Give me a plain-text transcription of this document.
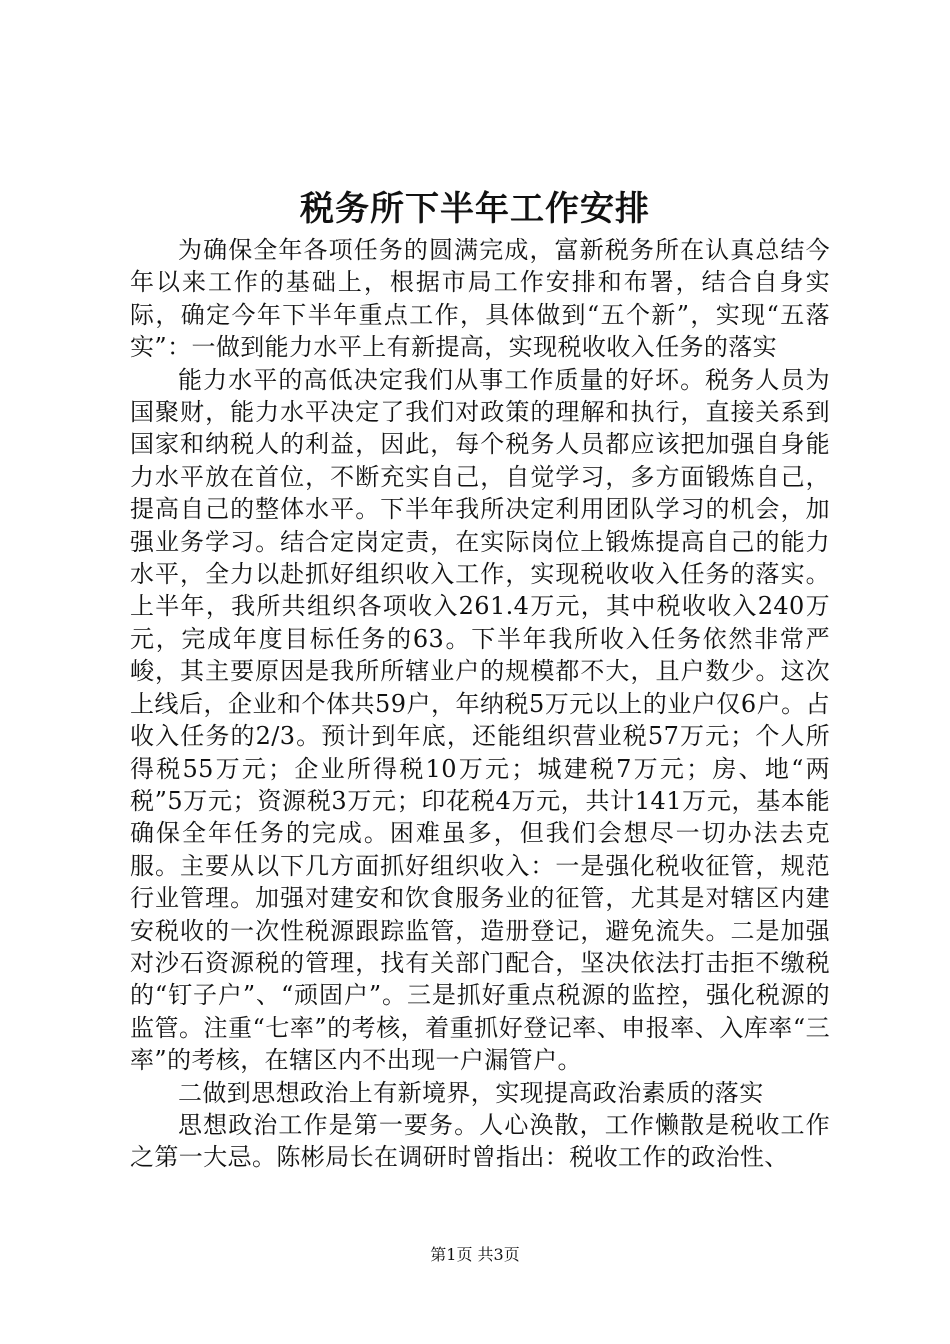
税务所下半年工作安排

为确保全年各项任务的圆满完成，富新税务所在认真总结今年以来工作的基础上，根据市局工作安排和布署，结合自身实际，确定今年下半年重点工作，具体做到“五个新”，实现“五落实”：一做到能力水平上有新提高，实现税收收入任务的落实

能力水平的高低决定我们从事工作质量的好坏。税务人员为国聚财，能力水平决定了我们对政策的理解和执行，直接关系到国家和纳税人的利益，因此，每个税务人员都应该把加强自身能力水平放在首位，不断充实自己，自觉学习，多方面锻炼自己，提高自己的整体水平。下半年我所决定利用团队学习的机会，加强业务学习。结合定岗定责，在实际岗位上锻炼提高自己的能力水平，全力以赴抓好组织收入工作，实现税收收入任务的落实。上半年，我所共组织各项收入261.4万元，其中税收收入240万元，完成年度目标任务的63。下半年我所收入任务依然非常严峻，其主要原因是我所所辖业户的规模都不大，且户数少。这次上线后，企业和个体共59户，年纳税5万元以上的业户仅6户。占收入任务的2/3。预计到年底，还能组织营业税57万元；个人所得税55万元；企业所得税10万元；城建税7万元；房、地“两税”5万元；资源税3万元；印花税4万元，共计141万元，基本能确保全年任务的完成。困难虽多，但我们会想尽一切办法去克服。主要从以下几方面抓好组织收入：一是强化税收征管，规范行业管理。加强对建安和饮食服务业的征管，尤其是对辖区内建安税收的一次性税源跟踪监管，造册登记，避免流失。二是加强对沙石资源税的管理，找有关部门配合，坚决依法打击拒不缴税的“钉子户”、“顽固户”。三是抓好重点税源的监控，强化税源的监管。注重“七率”的考核，着重抓好登记率、申报率、入库率“三率”的考核，在辖区内不出现一户漏管户。

二做到思想政治上有新境界，实现提高政治素质的落实

思想政治工作是第一要务。人心涣散，工作懒散是税收工作之第一大忌。陈彬局长在调研时曾指出：税收工作的政治性、

第1页 共3页
